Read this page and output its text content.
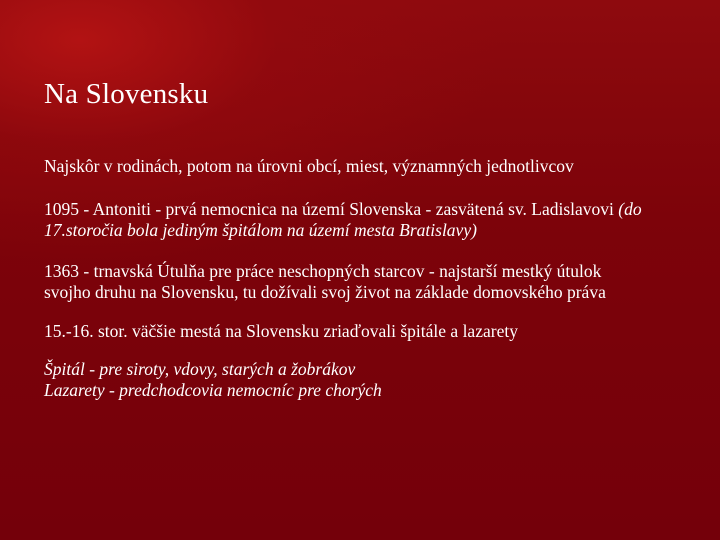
Na Slovensku

Najskôr v rodinách, potom na úrovni obcí, miest, významných jednotlivcov

1095 - Antoniti - prvá nemocnica na území Slovenska - zasvätená sv. Ladislavovi (do 17.storočia bola jediným špitálom na území mesta Bratislavy)

1363 - trnavská Útulňa pre práce neschopných starcov - najstarší mestký útulok

svojho druhu na Slovensku, tu dožívali svoj život na základe domovského práva

15.-16. stor. väčšie mestá na Slovensku zriaďovali špitále a lazarety

Špitál - pre siroty, vdovy, starých a žobrákov

Lazarety - predchodcovia nemocníc pre chorých
